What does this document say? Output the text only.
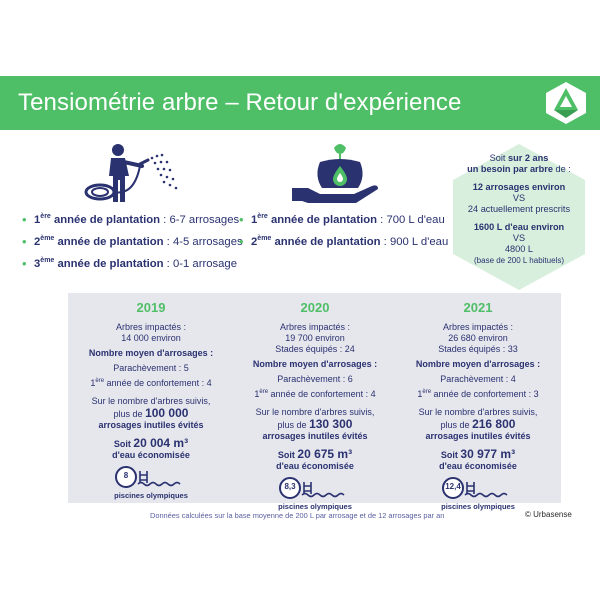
Tensiométrie arbre – Retour d'expérience
• 1ère année de plantation : 6-7 arrosages
• 2ème année de plantation : 4-5 arrosages
• 3ème année de plantation : 0-1 arrosage
• 1ère année de plantation : 700 L d'eau
• 2ème année de plantation : 900 L d'eau
Soit sur 2 ans
un besoin par arbre de :
12 arrosages environ
VS
24 actuellement prescrits
1600 L d'eau environ
VS
4800 L
(base de 200 L habituels)
2019
Arbres impactés :
14 000 environ
Nombre moyen d'arrosages :
Parachèvement : 5
1ère année de confortement : 4
Sur le nombre d'arbres suivis,
plus de 100 000
arrosages inutiles évités
Soit 20 004 m³
d'eau économisée
8
piscines olympiques
2020
Arbres impactés :
19 700 environ
Stades équipés : 24
Nombre moyen d'arrosages :
Parachèvement : 6
1ère année de confortement : 4
Sur le nombre d'arbres suivis,
plus de 130 300
arrosages inutiles évités
Soit 20 675 m³
d'eau économisée
8,3
piscines olympiques
2021
Arbres impactés :
26 680 environ
Stades équipés : 33
Nombre moyen d'arrosages :
Parachèvement : 4
1ère année de confortement : 3
Sur le nombre d'arbres suivis,
plus de 216 800
arrosages inutiles évités
Soit 30 977 m³
d'eau économisée
12,4
piscines olympiques
Données calculées sur la base moyenne de 200 L par arrosage et de 12 arrosages par an	© Urbasense
